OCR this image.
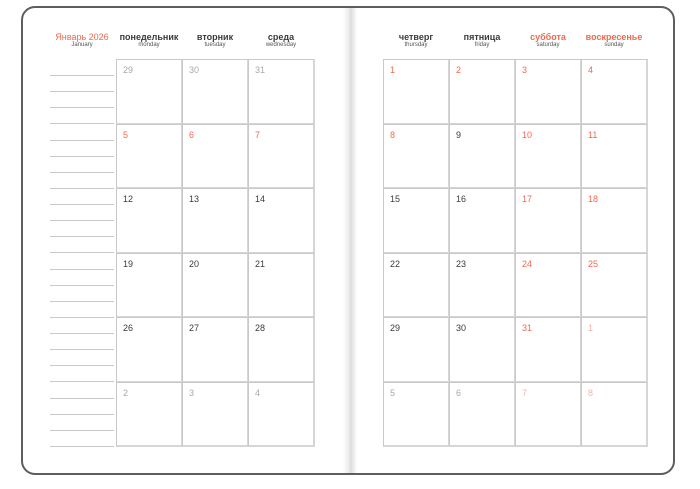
Январь 2026
January
понедельник
monday
вторник
tuesday
среда
wednesday
четверг
thursday
пятница
friday
суббота
saturday
воскресенье
sunday
29	30	31	1	2	3	4
5	6	7	8	9	10	11
12	13	14	15	16	17	18
19	20	21	22	23	24	25
26	27	28	29	30	31	1
2	3	4	5	6	7	8
